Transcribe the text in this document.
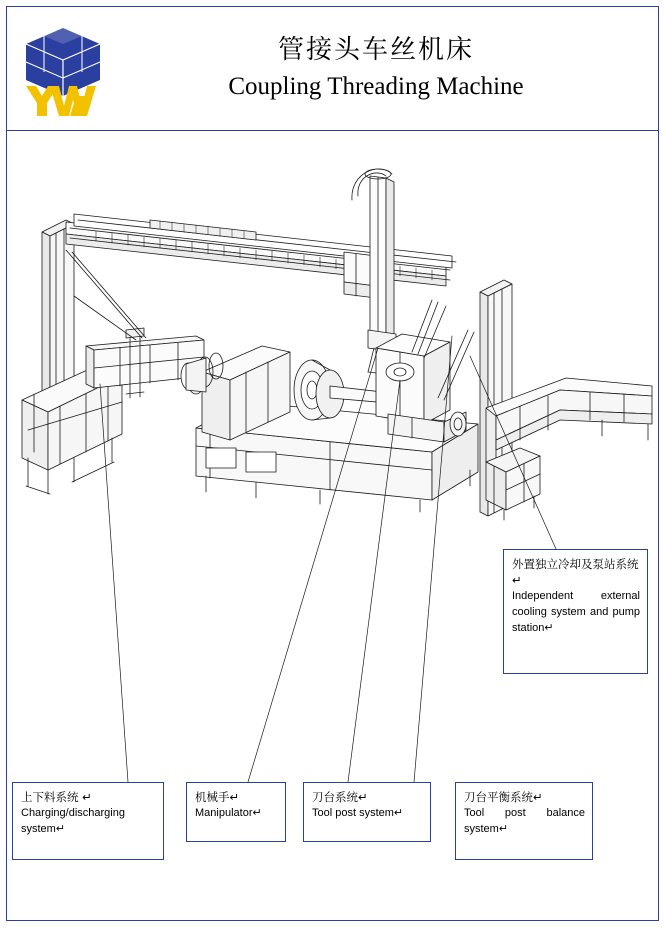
管接头车丝机床
Coupling Threading Machine
上下料系统 ↵
Charging/discharging system↵
机械手↵
Manipulator↵
刀台系统↵
Tool post system↵
刀台平衡系统↵
Tool post balance system↵
外置独立冷却及泵站系统↵
Independent external cooling system and pump station↵
